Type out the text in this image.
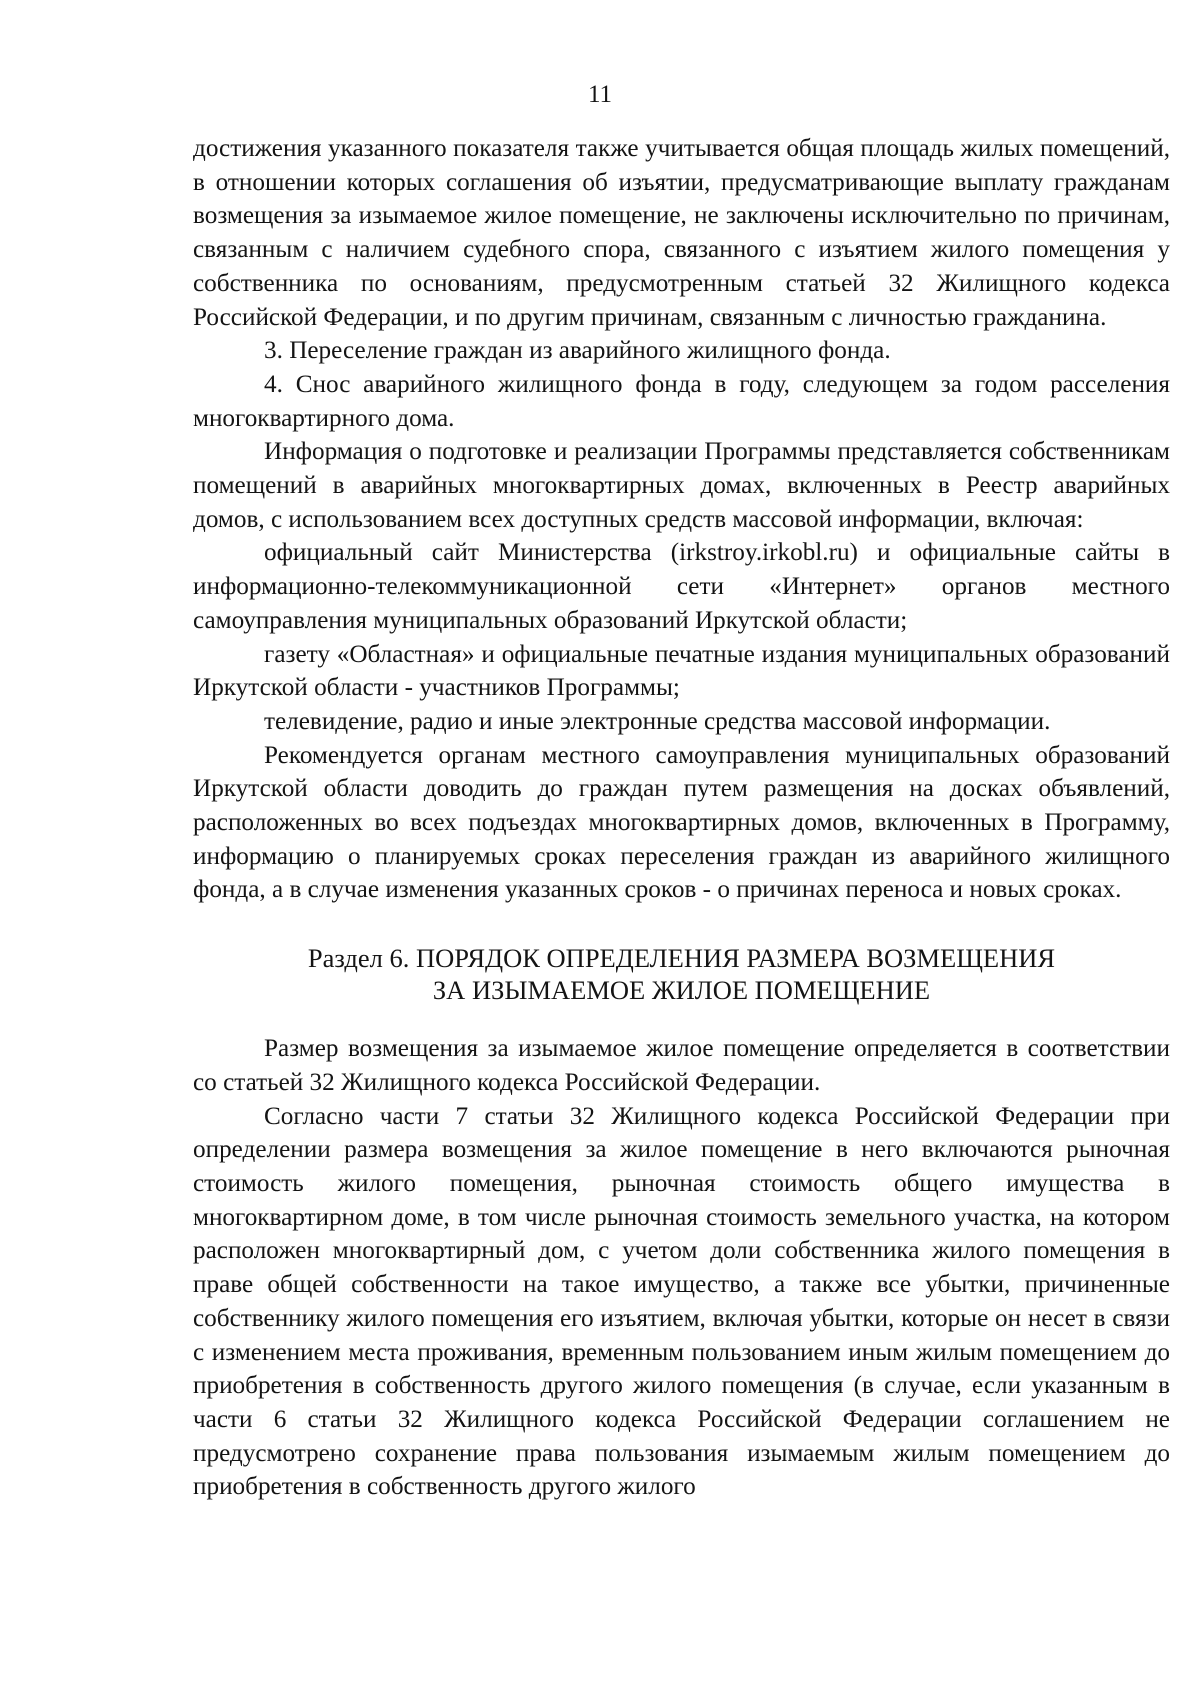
11

достижения указанного показателя также учитывается общая площадь жилых помещений, в отношении которых соглашения об изъятии, предусматривающие выплату гражданам возмещения за изымаемое жилое помещение, не заключены исключительно по причинам, связанным с наличием судебного спора, связанного с изъятием жилого помещения у собственника по основаниям, предусмотренным статьей 32 Жилищного кодекса Российской Федерации, и по другим причинам, связанным с личностью гражданина.

3. Переселение граждан из аварийного жилищного фонда.

4. Снос аварийного жилищного фонда в году, следующем за годом расселения многоквартирного дома.

Информация о подготовке и реализации Программы представляется собственникам помещений в аварийных многоквартирных домах, включенных в Реестр аварийных домов, с использованием всех доступных средств массовой информации, включая:

официальный сайт Министерства (irkstroy.irkobl.ru) и официальные сайты в информационно-телекоммуникационной сети «Интернет» органов местного самоуправления муниципальных образований Иркутской области;

газету «Областная» и официальные печатные издания муниципальных образований Иркутской области - участников Программы;

телевидение, радио и иные электронные средства массовой информации.

Рекомендуется органам местного самоуправления муниципальных образований Иркутской области доводить до граждан путем размещения на досках объявлений, расположенных во всех подъездах многоквартирных домов, включенных в Программу, информацию о планируемых сроках переселения граждан из аварийного жилищного фонда, а в случае изменения указанных сроков - о причинах переноса и новых сроках.

Раздел 6. ПОРЯДОК ОПРЕДЕЛЕНИЯ РАЗМЕРА ВОЗМЕЩЕНИЯ
ЗА ИЗЫМАЕМОЕ ЖИЛОЕ ПОМЕЩЕНИЕ

Размер возмещения за изымаемое жилое помещение определяется в соответствии со статьей 32 Жилищного кодекса Российской Федерации.

Согласно части 7 статьи 32 Жилищного кодекса Российской Федерации при определении размера возмещения за жилое помещение в него включаются рыночная стоимость жилого помещения, рыночная стоимость общего имущества в многоквартирном доме, в том числе рыночная стоимость земельного участка, на котором расположен многоквартирный дом, с учетом доли собственника жилого помещения в праве общей собственности на такое имущество, а также все убытки, причиненные собственнику жилого помещения его изъятием, включая убытки, которые он несет в связи с изменением места проживания, временным пользованием иным жилым помещением до приобретения в собственность другого жилого помещения (в случае, если указанным в части 6 статьи 32 Жилищного кодекса Российской Федерации соглашением не предусмотрено сохранение права пользования изымаемым жилым помещением до приобретения в собственность другого жилого
